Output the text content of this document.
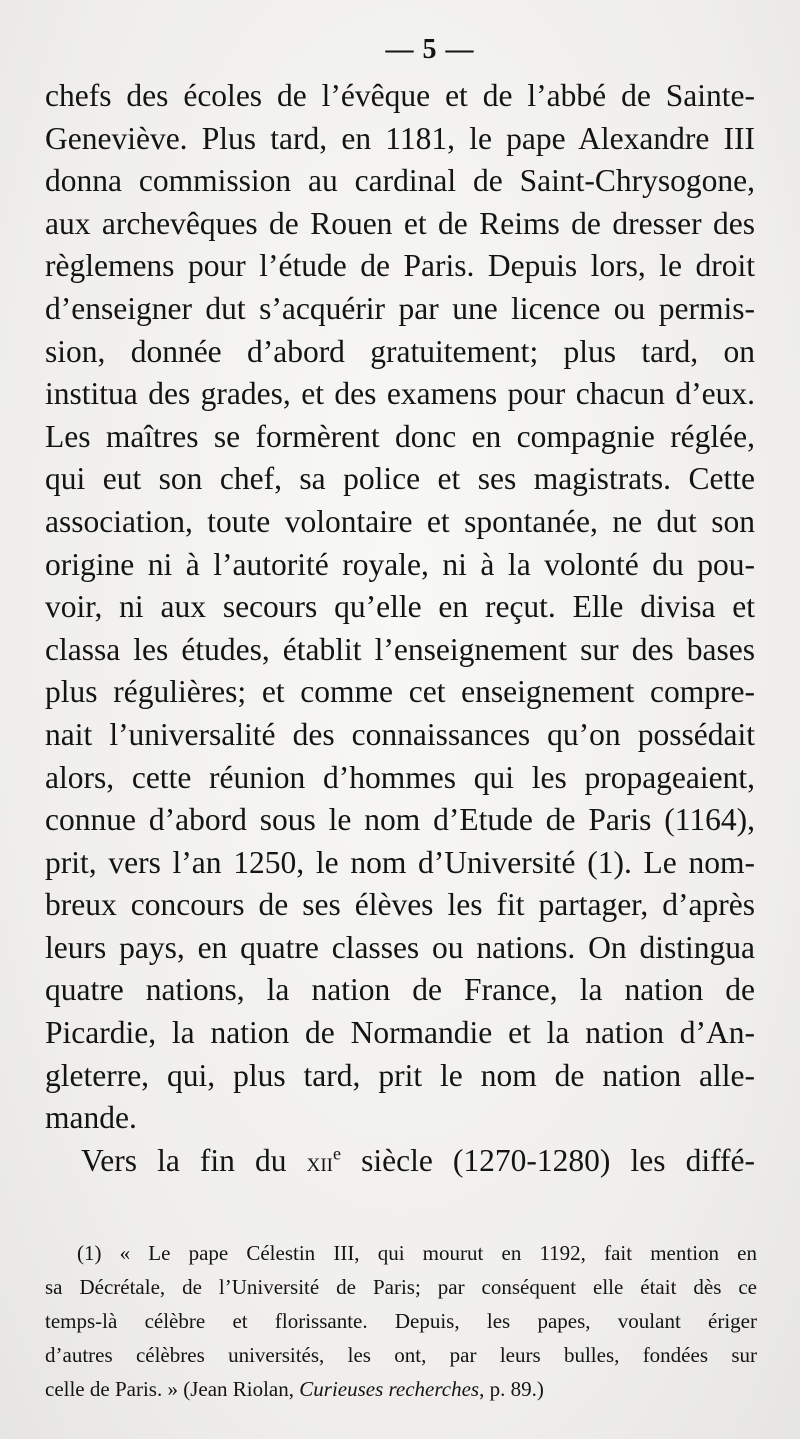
— 5 —
chefs des écoles de l’évêque et de l’abbé de Sainte-
Geneviève. Plus tard, en 1181, le pape Alexandre III
donna commission au cardinal de Saint-Chrysogone,
aux archevêques de Rouen et de Reims de dresser des
règlemens pour l’étude de Paris. Depuis lors, le droit
d’enseigner dut s’acquérir par une licence ou permis-
sion, donnée d’abord gratuitement; plus tard, on
institua des grades, et des examens pour chacun d’eux.
Les maîtres se formèrent donc en compagnie réglée,
qui eut son chef, sa police et ses magistrats. Cette
association, toute volontaire et spontanée, ne dut son
origine ni à l’autorité royale, ni à la volonté du pou-
voir, ni aux secours qu’elle en reçut. Elle divisa et
classa les études, établit l’enseignement sur des bases
plus régulières; et comme cet enseignement compre-
nait l’universalité des connaissances qu’on possédait
alors, cette réunion d’hommes qui les propageaient,
connue d’abord sous le nom d’Etude de Paris (1164),
prit, vers l’an 1250, le nom d’Université (1). Le nom-
breux concours de ses élèves les fit partager, d’après
leurs pays, en quatre classes ou nations. On distingua
quatre nations, la nation de France, la nation de
Picardie, la nation de Normandie et la nation d’An-
gleterre, qui, plus tard, prit le nom de nation alle-
mande.
Vers la fin du xii$^e$ siècle (1270-1280) les diffé-
(1) « Le pape Célestin III, qui mourut en 1192, fait mention en
sa Décrétale, de l’Université de Paris; par conséquent elle était dès ce
temps-là célèbre et florissante. Depuis, les papes, voulant ériger
d’autres célèbres universités, les ont, par leurs bulles, fondées sur
celle de Paris. » (Jean Riolan, Curieuses recherches, p. 89.)
